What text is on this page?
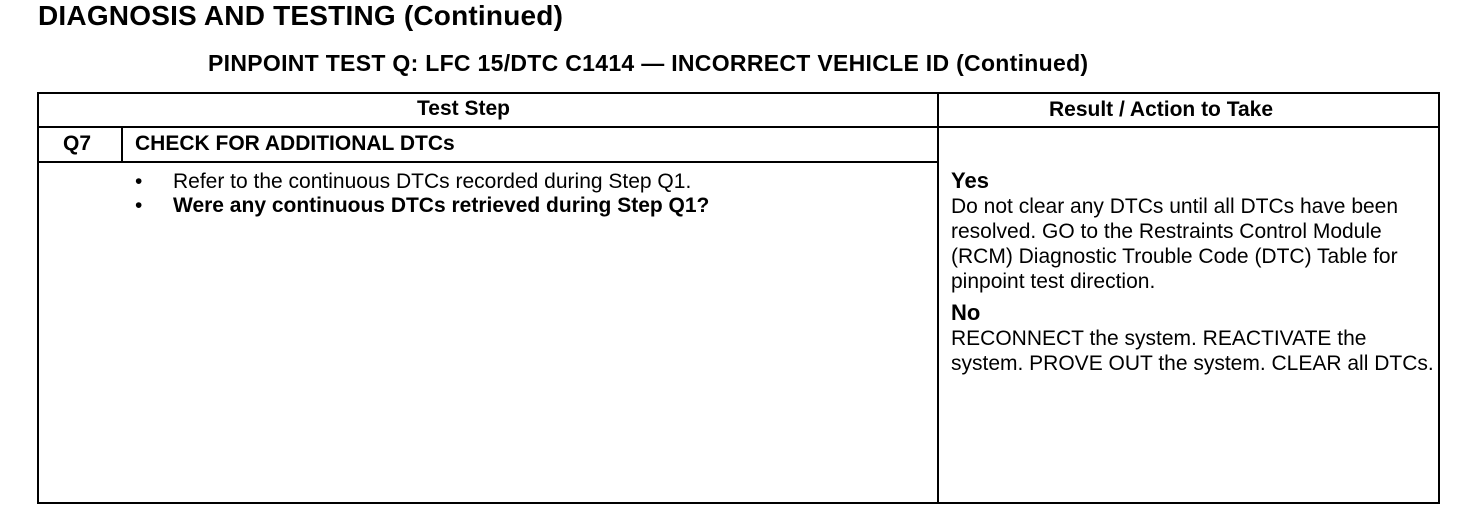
DIAGNOSIS AND TESTING (Continued)
PINPOINT TEST Q: LFC 15/DTC C1414 — INCORRECT VEHICLE ID (Continued)
Test Step	Result / Action to Take
Q7 CHECK FOR ADDITIONAL DTCs
• Refer to the continuous DTCs recorded during Step Q1.
• Were any continuous DTCs retrieved during Step Q1?
Yes

Do not clear any DTCs until all DTCs have been resolved. GO to the Restraints Control Module (RCM) Diagnostic Trouble Code (DTC) Table for pinpoint test direction.

No

RECONNECT the system. REACTIVATE the system. PROVE OUT the system. CLEAR all DTCs.
